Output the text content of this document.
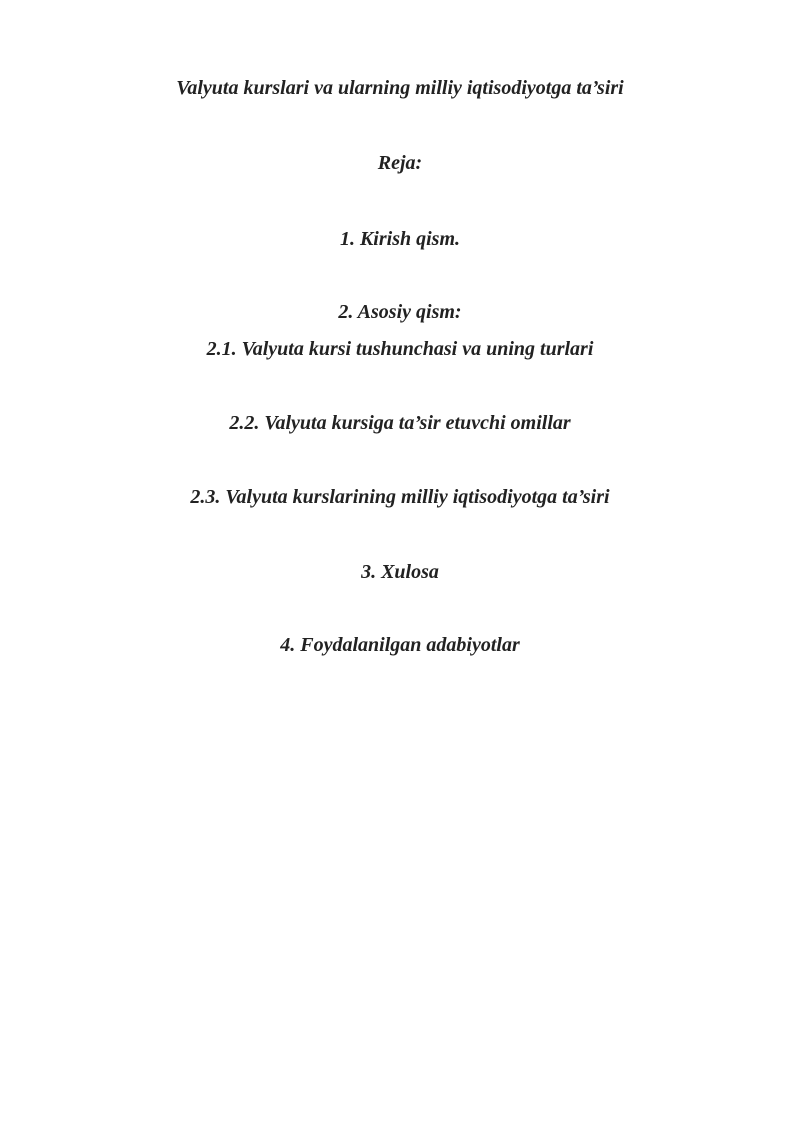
Valyuta kurslari va ularning milliy iqtisodiyotga ta’siri
Reja:
1. Kirish qism.
2. Asosiy qism:
2.1. Valyuta kursi tushunchasi va uning turlari
2.2. Valyuta kursiga ta’sir etuvchi omillar
2.3. Valyuta kurslarining milliy iqtisodiyotga ta’siri
3. Xulosa
4. Foydalanilgan adabiyotlar
